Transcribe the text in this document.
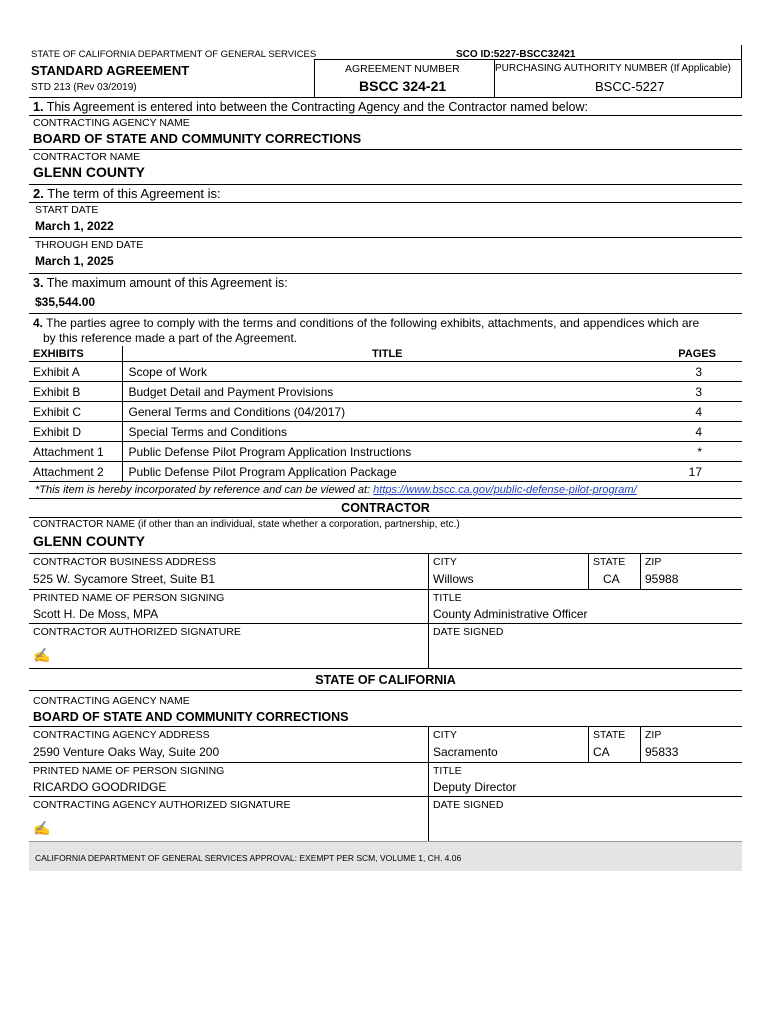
STATE OF CALIFORNIA DEPARTMENT OF GENERAL SERVICES	SCO ID:5227-BSCC32421
STANDARD AGREEMENT
STD 213 (Rev 03/2019)
AGREEMENT NUMBER
BSCC 324-21
PURCHASING AUTHORITY NUMBER (If Applicable)
BSCC-5227
1. This Agreement is entered into between the Contracting Agency and the Contractor named below:
CONTRACTING AGENCY NAME
BOARD OF STATE AND COMMUNITY CORRECTIONS
CONTRACTOR NAME
GLENN COUNTY
2. The term of this Agreement is:
START DATE
March 1, 2022
THROUGH END DATE
March 1, 2025
3. The maximum amount of this Agreement is:
$35,544.00
4. The parties agree to comply with the terms and conditions of the following exhibits, attachments, and appendices which are
by this reference made a part of the Agreement.
EXHIBITS	TITLE	PAGES
Exhibit A	Scope of Work	3
Exhibit B	Budget Detail and Payment Provisions	3
Exhibit C	General Terms and Conditions (04/2017)	4
Exhibit D	Special Terms and Conditions	4
Attachment 1	Public Defense Pilot Program Application Instructions	*
Attachment 2	Public Defense Pilot Program Application Package	17
*This item is hereby incorporated by reference and can be viewed at: https://www.bscc.ca.gov/public-defense-pilot-program/
CONTRACTOR
CONTRACTOR NAME (if other than an individual, state whether a corporation, partnership, etc.)
GLENN COUNTY
CONTRACTOR BUSINESS ADDRESS
525 W. Sycamore Street, Suite B1
CITY
Willows
STATE
CA
ZIP
95988
PRINTED NAME OF PERSON SIGNING
Scott H. De Moss, MPA
TITLE
County Administrative Officer
CONTRACTOR AUTHORIZED SIGNATURE
✍
DATE SIGNED
STATE OF CALIFORNIA
CONTRACTING AGENCY NAME
BOARD OF STATE AND COMMUNITY CORRECTIONS
CONTRACTING AGENCY ADDRESS
2590 Venture Oaks Way, Suite 200
CITY
Sacramento
STATE
CA
ZIP
95833
PRINTED NAME OF PERSON SIGNING
RICARDO GOODRIDGE
TITLE
Deputy Director
CONTRACTING AGENCY AUTHORIZED SIGNATURE
✍
DATE SIGNED
CALIFORNIA DEPARTMENT OF GENERAL SERVICES APPROVAL: EXEMPT PER SCM, VOLUME 1, CH. 4.06
